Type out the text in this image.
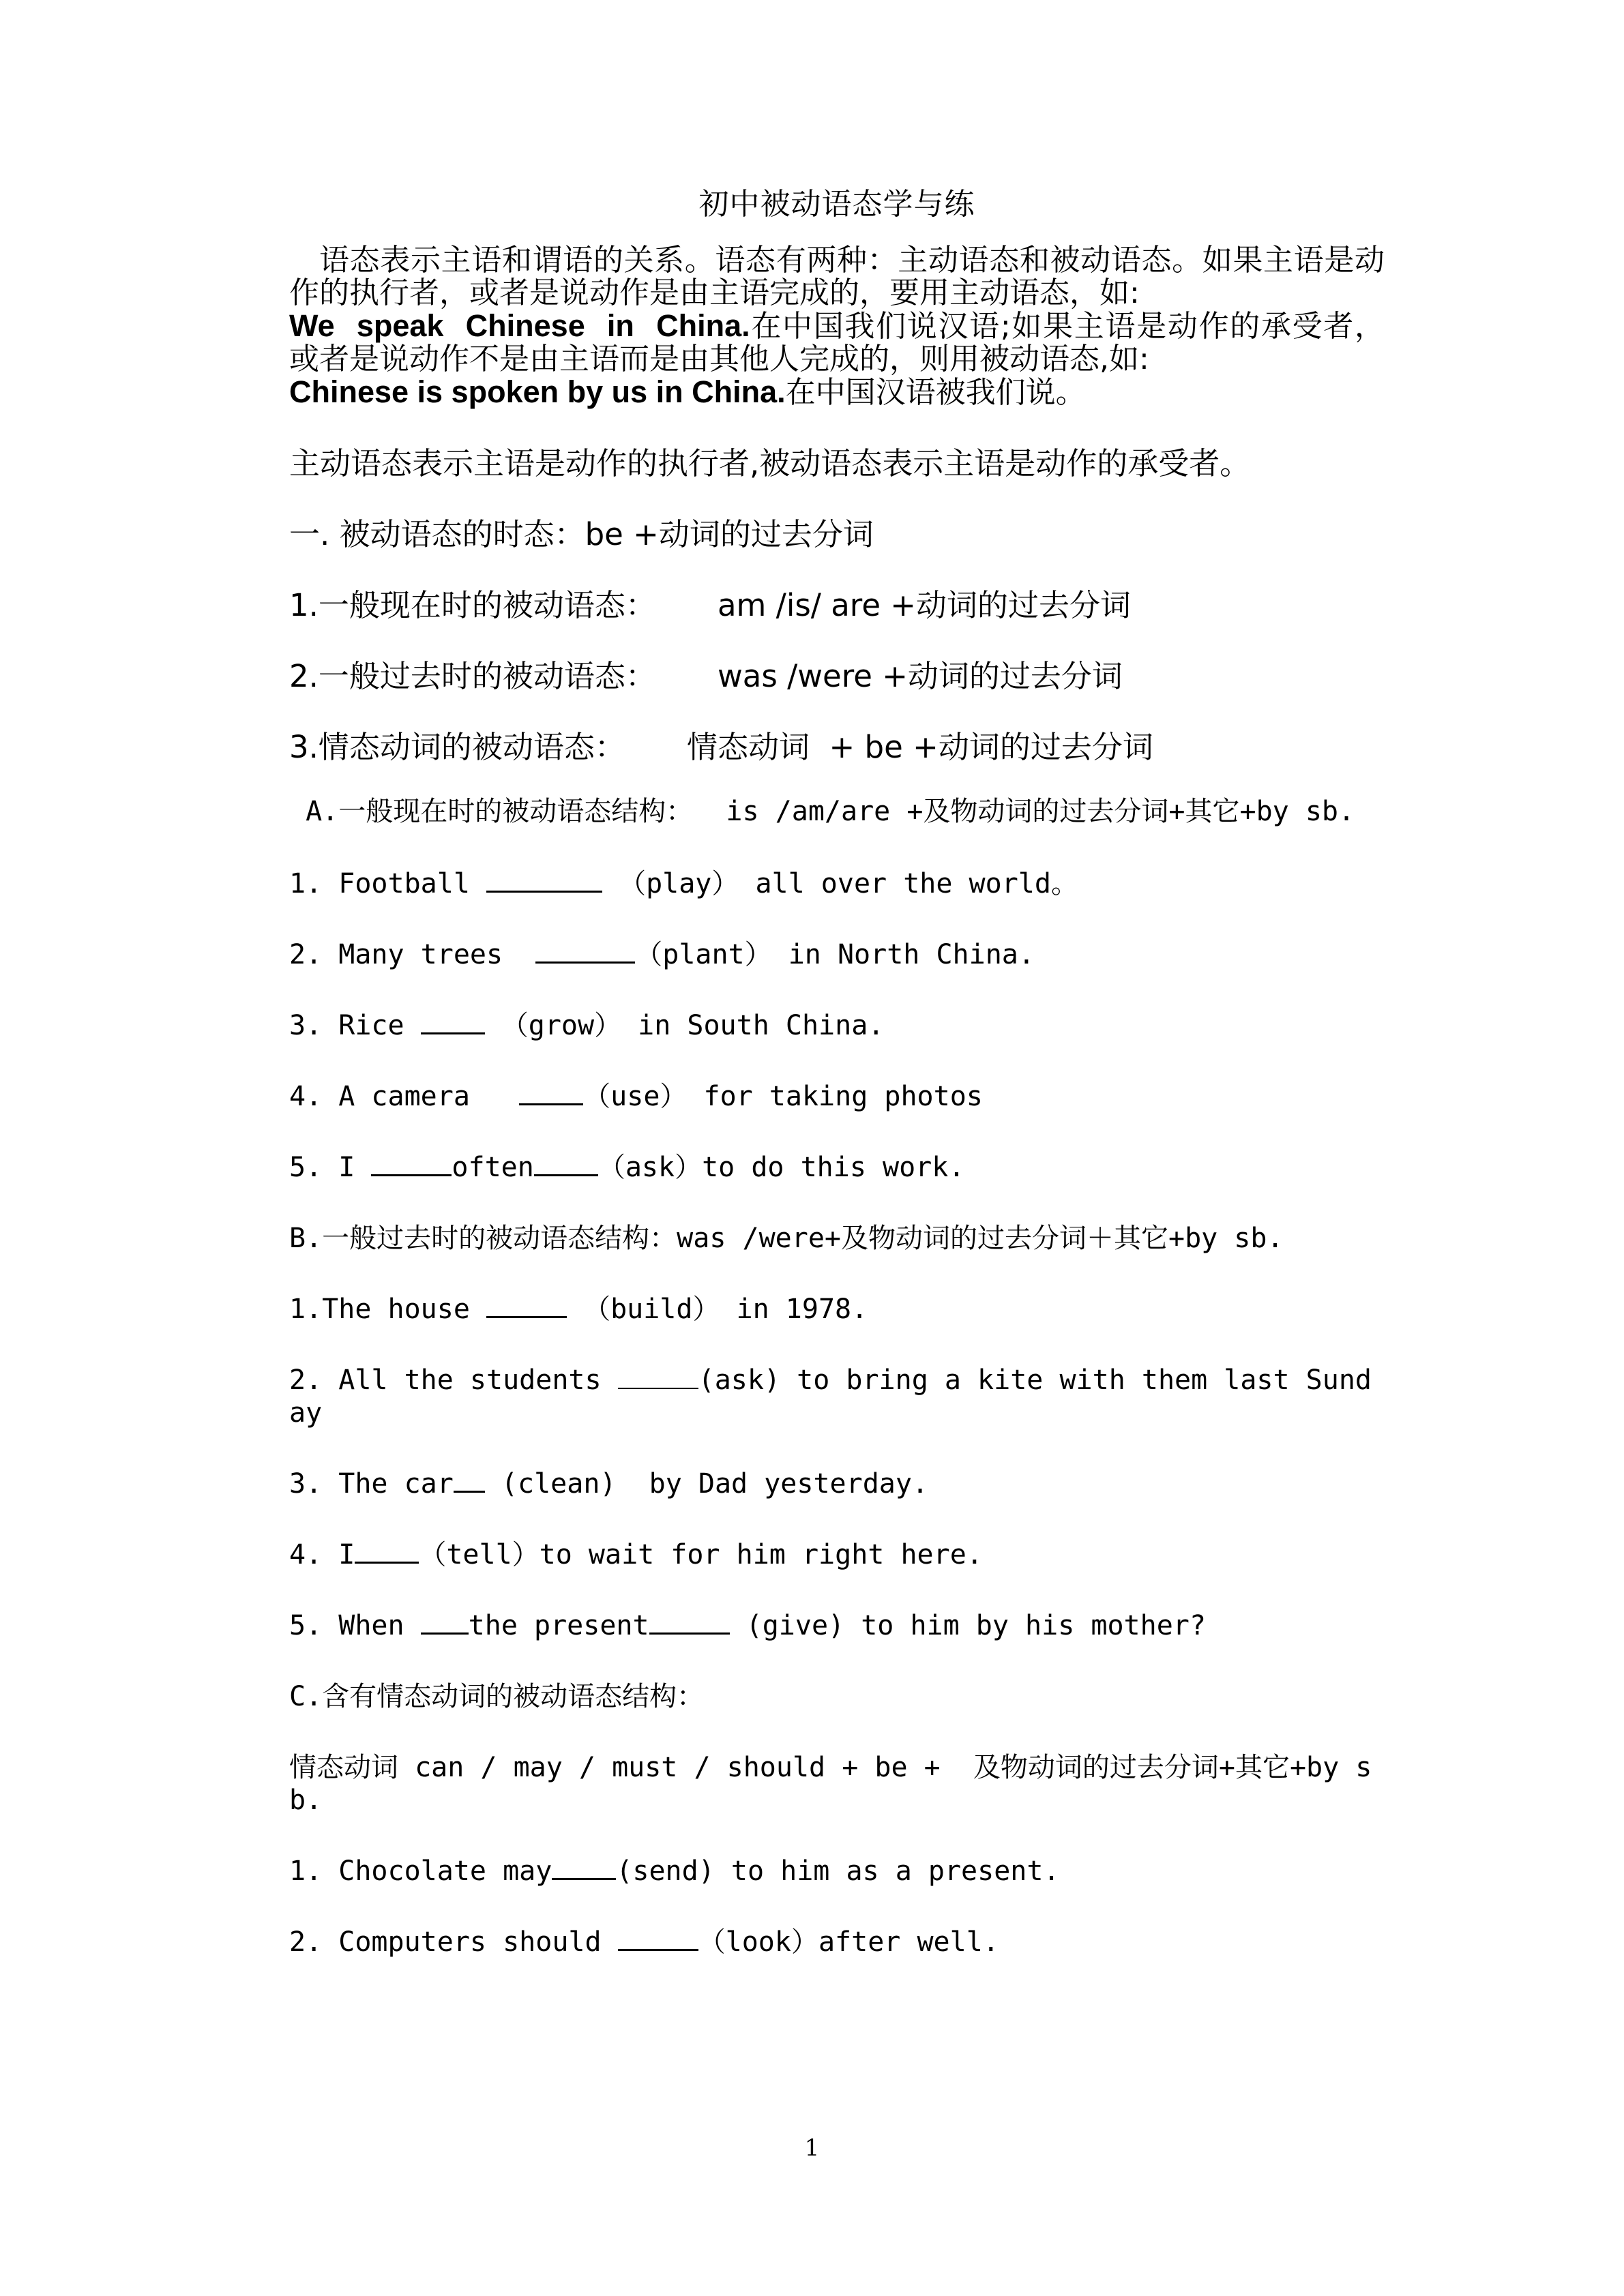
初中被动语态学与练

语态表示主语和谓语的关系。语态有两种：主动语态和被动语态。如果主语是动作的执行者，或者是说动作是由主语完成的，要用主动语态，如:
We speak Chinese in China.在中国我们说汉语;如果主语是动作的承受者，或者是说动作不是由主语而是由其他人完成的，则用被动语态,如:
Chinese is spoken by us in China.在中国汉语被我们说。

主动语态表示主语是动作的执行者,被动语态表示主语是动作的承受者。

一. 被动语态的时态：be +动词的过去分词

1.一般现在时的被动语态： am /is/ are +动词的过去分词

2.一般过去时的被动语态： was /were +动词的过去分词

3.情态动词的被动语态： 情态动词  + be +动词的过去分词

A.一般现在时的被动语态结构：  is /am/are +及物动词的过去分词+其它+by sb.

1. Football	（play） all over the world。

2. Many trees	（plant） in North China.

3. Rice  （grow） in South China.

4. A camera   （use） for taking photos

5. I	often （ask）to do this work.

B.一般过去时的被动语态结构：was /were+及物动词的过去分词＋其它+by sb.

1.The house	（build） in 1978.

2. All the students	(ask) to bring a kite with them last Sunday

3. The car (clean)  by Dad yesterday.

4. I （tell）to wait for him right here.

5. When the present	(give) to him by his mother?

C.含有情态动词的被动语态结构：

情态动词 can / may / must / should + be +  及物动词的过去分词+其它+by sb.

1. Chocolate may (send) to him as a present.

2. Computers should	（look）after well.

1
